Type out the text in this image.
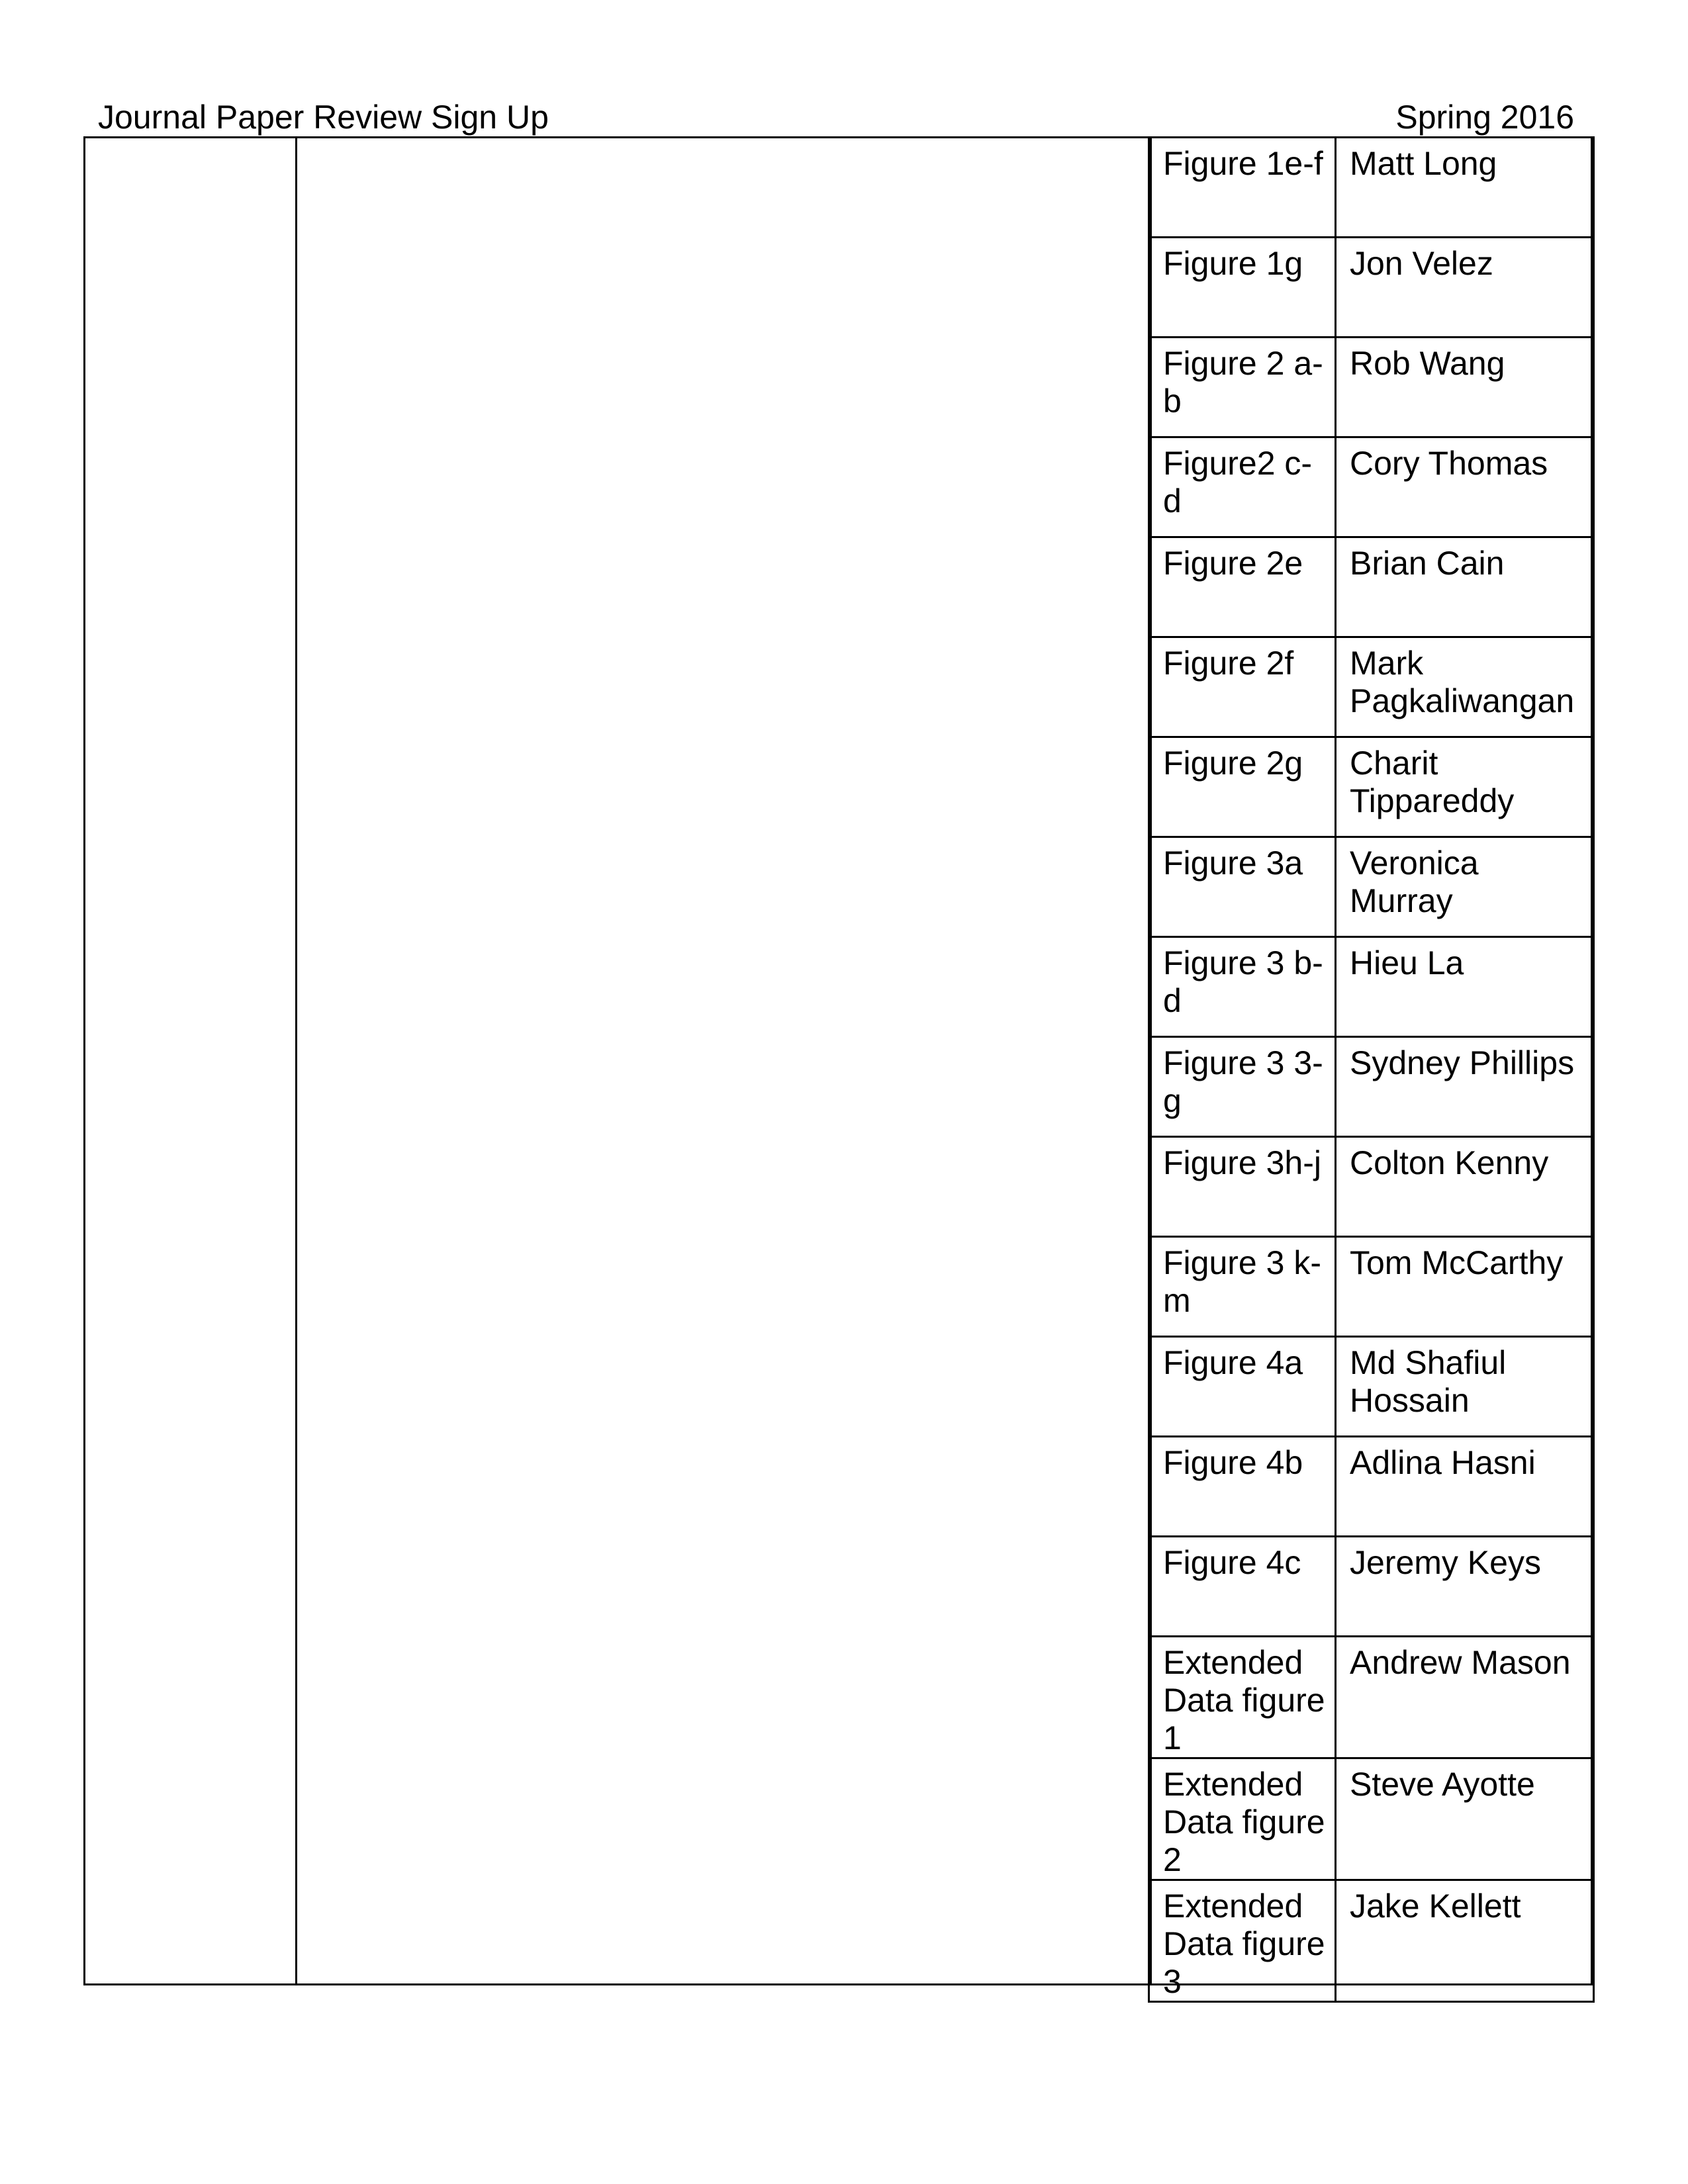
Journal Paper Review Sign Up	Spring 2016
Figure 1e-f	Matt Long
Figure 1g	Jon Velez
Figure 2 a-b	Rob Wang
Figure2 c-d	Cory Thomas
Figure 2e	Brian Cain
Figure 2f	Mark Pagkaliwangan
Figure 2g	Charit Tippareddy
Figure 3a	Veronica Murray
Figure 3 b-d	Hieu La
Figure 3 3-g	Sydney Phillips
Figure 3h-j	Colton Kenny
Figure 3 k-m	Tom McCarthy
Figure 4a	Md Shafiul Hossain
Figure 4b	Adlina Hasni
Figure 4c	Jeremy Keys
Extended Data figure 1	Andrew Mason
Extended Data figure 2	Steve Ayotte
Extended Data figure 3	Jake Kellett
